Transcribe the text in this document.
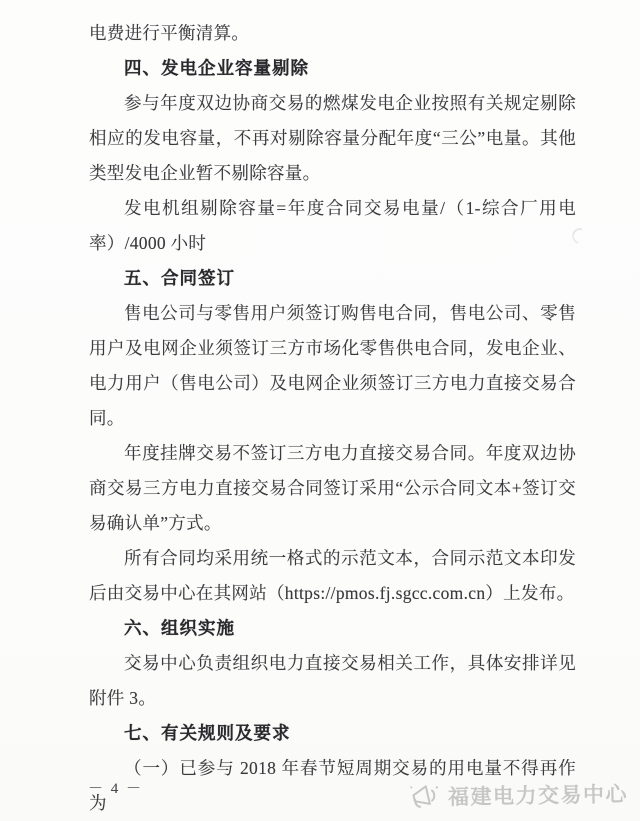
电费进行平衡清算。

四、发电企业容量剔除

参与年度双边协商交易的燃煤发电企业按照有关规定剔除相应的发电容量，不再对剔除容量分配年度“三公”电量。其他类型发电企业暂不剔除容量。

发电机组剔除容量=年度合同交易电量/（1-综合厂用电率）/4000 小时

五、合同签订

售电公司与零售用户须签订购售电合同，售电公司、零售用户及电网企业须签订三方市场化零售供电合同，发电企业、电力用户（售电公司）及电网企业须签订三方电力直接交易合同。

年度挂牌交易不签订三方电力直接交易合同。年度双边协商交易三方电力直接交易合同签订采用“公示合同文本+签订交易确认单”方式。

所有合同均采用统一格式的示范文本，合同示范文本印发后由交易中心在其网站（https://pmos.fj.sgcc.com.cn）上发布。

六、组织实施

交易中心负责组织电力直接交易相关工作，具体安排详见附件 3。

七、有关规则及要求

（一）已参与 2018 年春节短周期交易的用电量不得再作为

－ 4 －	福建电力交易中心
